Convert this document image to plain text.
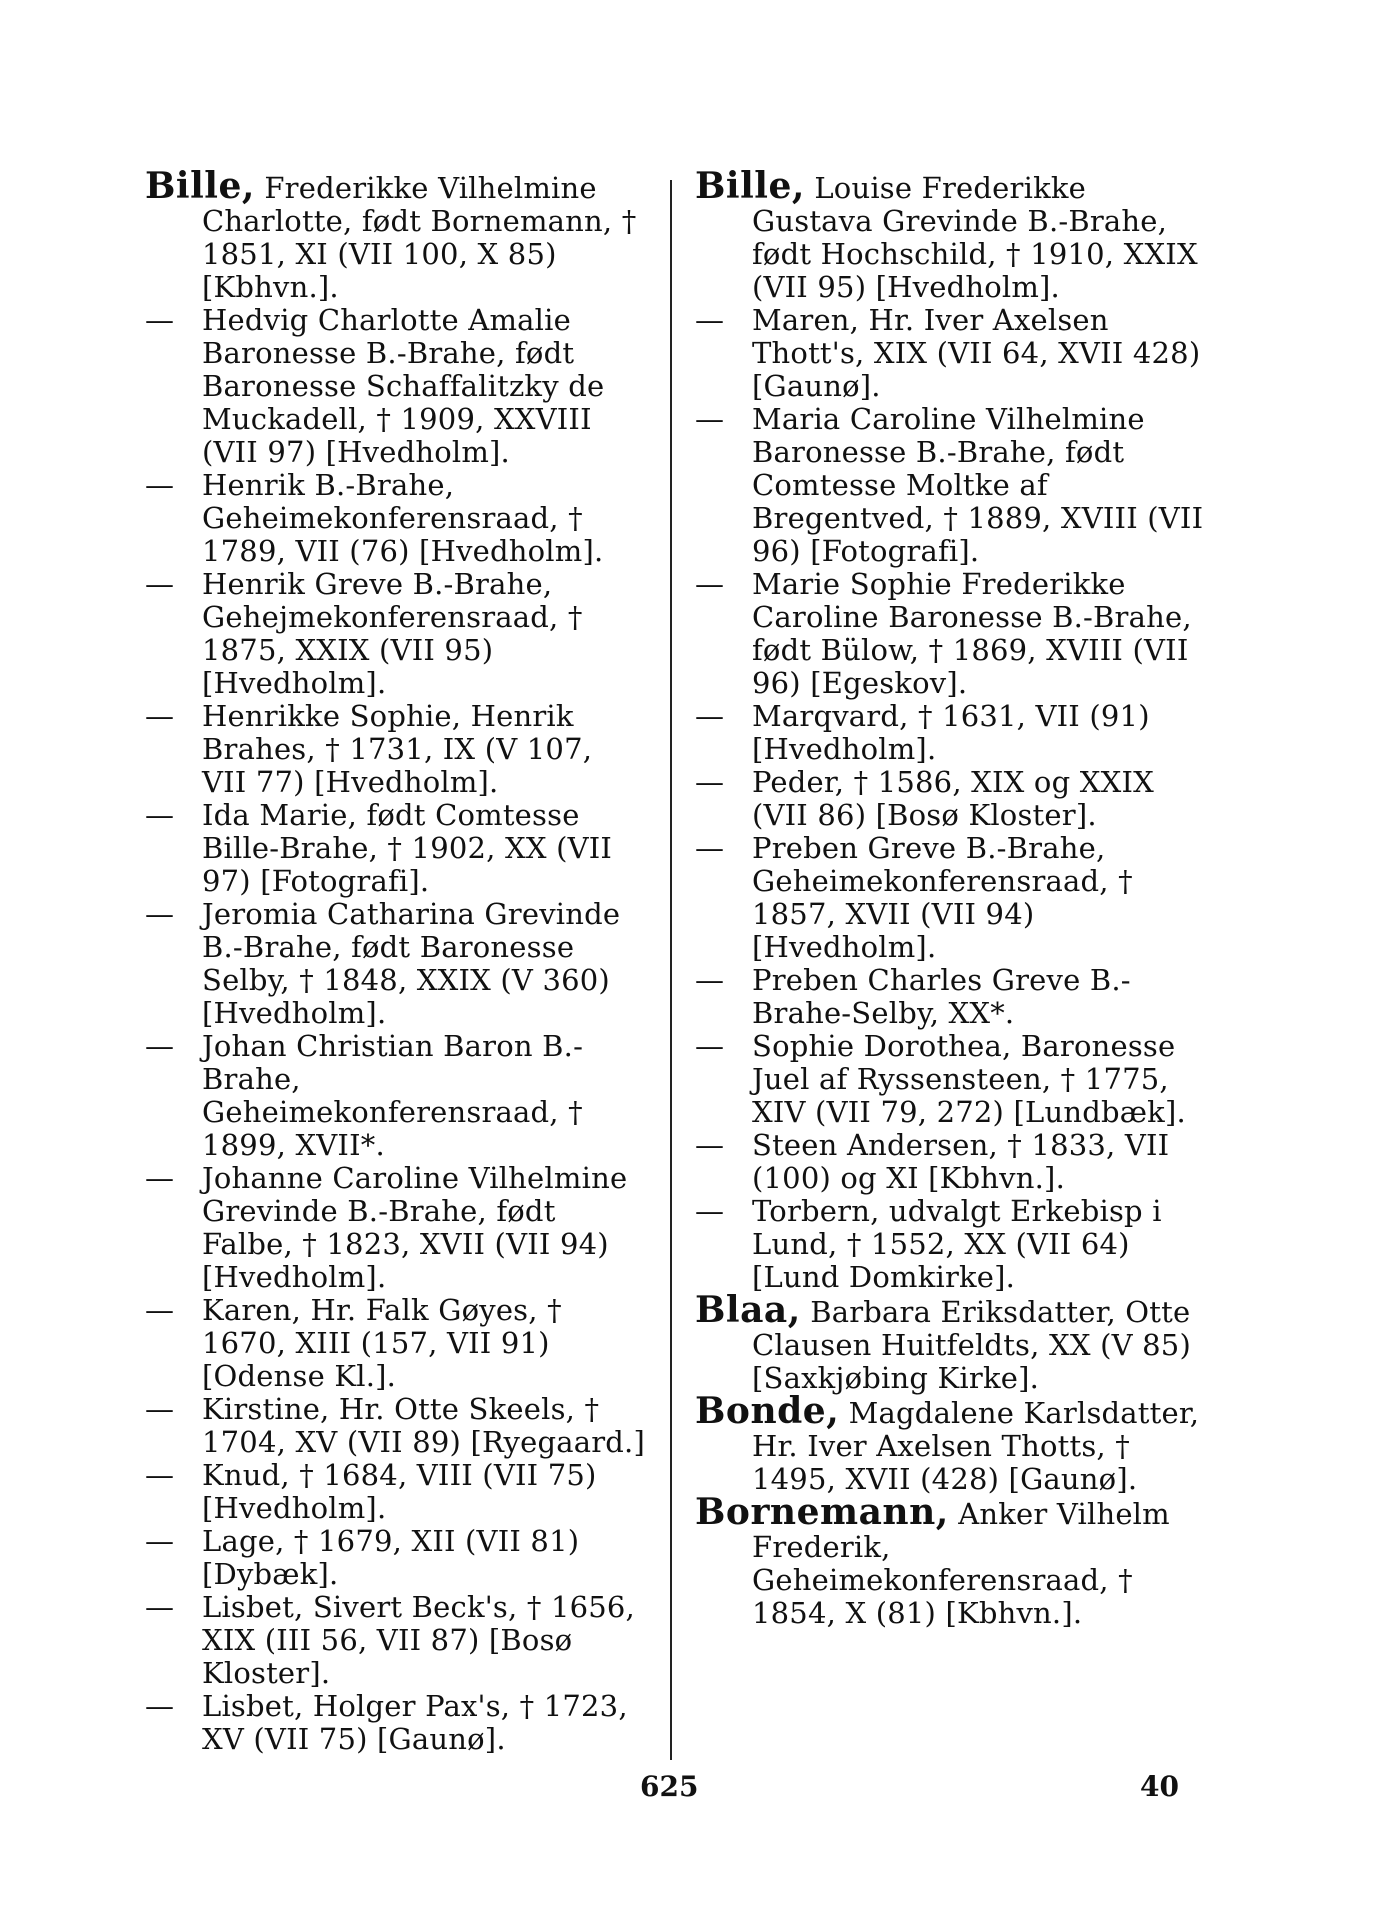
Bille, Frederikke Vilhelmine Charlotte, født Bornemann, † 1851, XI (VII 100, X 85) [Kbhvn.].

— Hedvig Charlotte Amalie Baronesse B.-Brahe, født Baronesse Schaffalitzky de Muckadell, † 1909, XXVIII (VII 97) [Hvedholm].

— Henrik B.-Brahe, Geheimekonferensraad, † 1789, VII (76) [Hvedholm].

— Henrik Greve B.-Brahe, Gehejmekonferensraad, † 1875, XXIX (VII 95) [Hvedholm].

— Henrikke Sophie, Henrik Brahes, † 1731, IX (V 107, VII 77) [Hvedholm].

— Ida Marie, født Comtesse Bille-Brahe, † 1902, XX (VII 97) [Fotografi].

— Jeromia Catharina Grevinde B.-Brahe, født Baronesse Selby, † 1848, XXIX (V 360) [Hvedholm].

— Johan Christian Baron B.-Brahe, Geheimekonferensraad, † 1899, XVII*.

— Johanne Caroline Vilhelmine Grevinde B.-Brahe, født Falbe, † 1823, XVII (VII 94) [Hvedholm].

— Karen, Hr. Falk Gøyes, † 1670, XIII (157, VII 91) [Odense Kl.].

— Kirstine, Hr. Otte Skeels, † 1704, XV (VII 89) [Ryegaard.]

— Knud, † 1684, VIII (VII 75) [Hvedholm].

— Lage, † 1679, XII (VII 81) [Dybæk].

— Lisbet, Sivert Beck's, † 1656, XIX (III 56, VII 87) [Bosø Kloster].

— Lisbet, Holger Pax's, † 1723, XV (VII 75) [Gaunø].

Bille, Louise Frederikke Gustava Grevinde B.-Brahe, født Hochschild, † 1910, XXIX (VII 95) [Hvedholm].

— Maren, Hr. Iver Axelsen Thott's, XIX (VII 64, XVII 428) [Gaunø].

— Maria Caroline Vilhelmine Baronesse B.-Brahe, født Comtesse Moltke af Bregentved, † 1889, XVIII (VII 96) [Fotografi].

— Marie Sophie Frederikke Caroline Baronesse B.-Brahe, født Bülow, † 1869, XVIII (VII 96) [Egeskov].

— Marqvard, † 1631, VII (91) [Hvedholm].

— Peder, † 1586, XIX og XXIX (VII 86) [Bosø Kloster].

— Preben Greve B.-Brahe, Geheimekonferensraad, † 1857, XVII (VII 94) [Hvedholm].

— Preben Charles Greve B.-Brahe-Selby, XX*.

— Sophie Dorothea, Baronesse Juel af Ryssensteen, † 1775, XIV (VII 79, 272) [Lundbæk].

— Steen Andersen, † 1833, VII (100) og XI [Kbhvn.].

— Torbern, udvalgt Erkebisp i Lund, † 1552, XX (VII 64) [Lund Domkirke].

Blaa, Barbara Eriksdatter, Otte Clausen Huitfeldts, XX (V 85) [Saxkjøbing Kirke].

Bonde, Magdalene Karlsdatter, Hr. Iver Axelsen Thotts, † 1495, XVII (428) [Gaunø].

Bornemann, Anker Vilhelm Frederik, Geheimekonferensraad, † 1854, X (81) [Kbhvn.].

625	40
